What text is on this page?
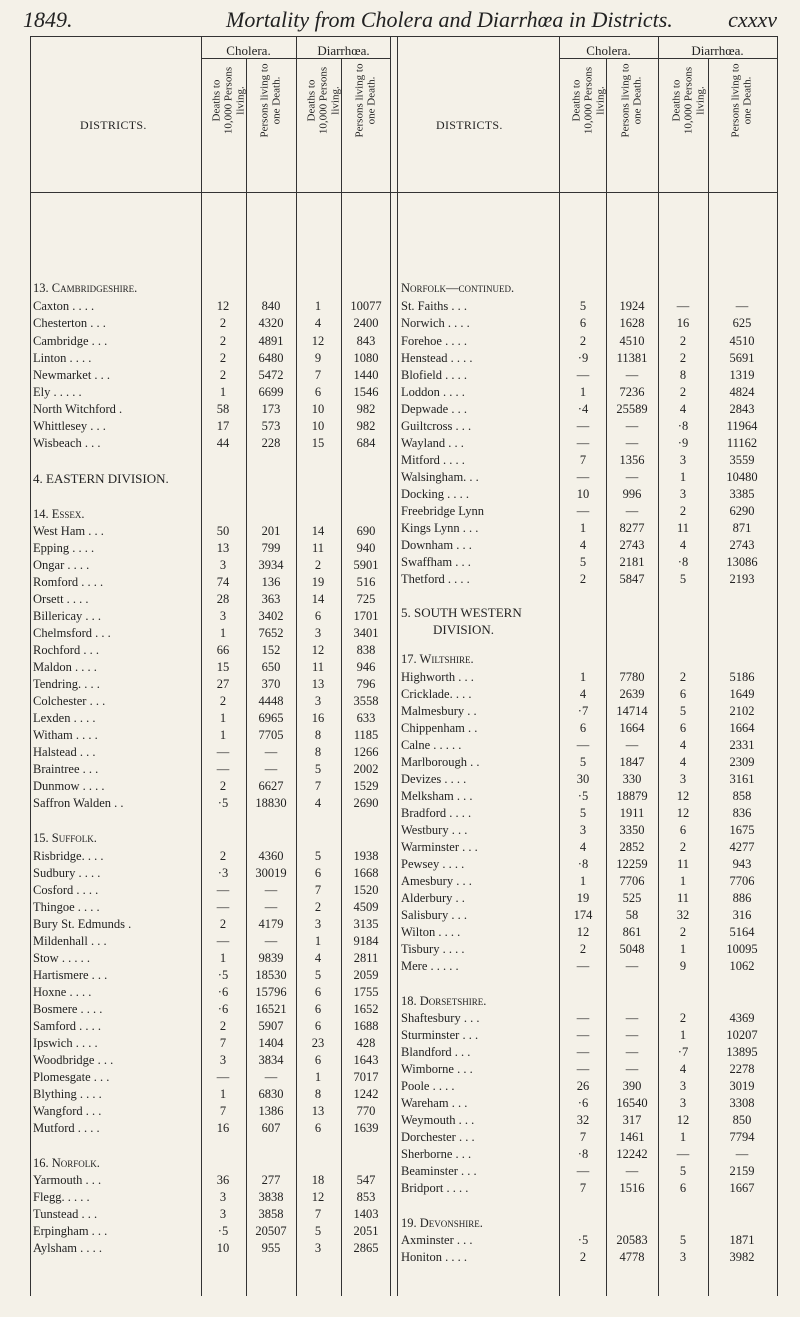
1849.	Mortality from Cholera and Diarrhœa in Districts.	cxxxv
Cholera.	Diarrhœa.	Cholera.	Diarrhœa.
DISTRICTS.	DISTRICTS.
Deaths to 10,000 Persons living. Persons living to one Death. Deaths to 10,000 Persons living. Persons living to one Death.	Deaths to 10,000 Persons living. Persons living to one Death. Deaths to 10,000 Persons living. Persons living to one Death.
13. Cambridgeshire.
Caxton . . . .	12	840	1	10077
Chesterton . . .	2	4320	4	2400
Cambridge . . .	2	4891	12	843
Linton . . . .	2	6480	9	1080
Newmarket . . .	2	5472	7	1440
Ely . . . . .	1	6699	6	1546
North Witchford .	58	173	10	982
Whittlesey . . .	17	573	10	982
Wisbeach . . .	44	228	15	684
4. EASTERN DIVISION.
14. Essex.
West Ham . . .	50	201	14	690
Epping . . . .	13	799	11	940
Ongar . . . .	3	3934	2	5901
Romford . . . .	74	136	19	516
Orsett . . . .	28	363	14	725
Billericay . . .	3	3402	6	1701
Chelmsford . . .	1	7652	3	3401
Rochford . . .	66	152	12	838
Maldon . . . .	15	650	11	946
Tendring. . . .	27	370	13	796
Colchester . . .	2	4448	3	3558
Lexden . . . .	1	6965	16	633
Witham . . . .	1	7705	8	1185
Halstead . . .	—	—	8	1266
Braintree . . .	—	—	5	2002
Dunmow . . . .	2	6627	7	1529
Saffron Walden . .	·5	18830	4	2690
15. Suffolk.
Risbridge. . . .	2	4360	5	1938
Sudbury . . . .	·3	30019	6	1668
Cosford . . . .	—	—	7	1520
Thingoe . . . .	—	—	2	4509
Bury St. Edmunds .	2	4179	3	3135
Mildenhall . . .	—	—	1	9184
Stow . . . . .	1	9839	4	2811
Hartismere . . .	·5	18530	5	2059
Hoxne . . . .	·6	15796	6	1755
Bosmere . . . .	·6	16521	6	1652
Samford . . . .	2	5907	6	1688
Ipswich . . . .	7	1404	23	428
Woodbridge . . .	3	3834	6	1643
Plomesgate . . .	—	—	1	7017
Blything . . . .	1	6830	8	1242
Wangford . . .	7	1386	13	770
Mutford . . . .	16	607	6	1639
16. Norfolk.
Yarmouth . . .	36	277	18	547
Flegg. . . . .	3	3838	12	853
Tunstead . . .	3	3858	7	1403
Erpingham . . .	·5	20507	5	2051
Aylsham . . . .	10	955	3	2865
Norfolk—continued.
St. Faiths . . .	5	1924	—	—
Norwich . . . .	6	1628	16	625
Forehoe . . . .	2	4510	2	4510
Henstead . . . .	·9	11381	2	5691
Blofield . . . .	—	—	8	1319
Loddon . . . .	1	7236	2	4824
Depwade . . .	·4	25589	4	2843
Guiltcross . . .	—	—	·8	11964
Wayland . . .	—	—	·9	11162
Mitford . . . .	7	1356	3	3559
Walsingham. . .	—	—	1	10480
Docking . . . .	10	996	3	3385
Freebridge Lynn	—	—	2	6290
Kings Lynn . . .	1	8277	11	871
Downham . . .	4	2743	4	2743
Swaffham . . .	5	2181	·8	13086
Thetford . . . .	2	5847	5	2193
5. SOUTH WESTERN
DIVISION.
17. Wiltshire.
Highworth . . .	1	7780	2	5186
Cricklade. . . .	4	2639	6	1649
Malmesbury . .	·7	14714	5	2102
Chippenham . .	6	1664	6	1664
Calne . . . . .	—	—	4	2331
Marlborough . .	5	1847	4	2309
Devizes . . . .	30	330	3	3161
Melksham . . .	·5	18879	12	858
Bradford . . . .	5	1911	12	836
Westbury . . .	3	3350	6	1675
Warminster . . .	4	2852	2	4277
Pewsey . . . .	·8	12259	11	943
Amesbury . . .	1	7706	1	7706
Alderbury . .	19	525	11	886
Salisbury . . .	174	58	32	316
Wilton . . . .	12	861	2	5164
Tisbury . . . .	2	5048	1	10095
Mere . . . . .	—	—	9	1062
18. Dorsetshire.
Shaftesbury . . .	—	—	2	4369
Sturminster . . .	—	—	1	10207
Blandford . . .	—	—	·7	13895
Wimborne . . .	—	—	4	2278
Poole . . . .	26	390	3	3019
Wareham . . .	·6	16540	3	3308
Weymouth . . .	32	317	12	850
Dorchester . . .	7	1461	1	7794
Sherborne . . .	·8	12242	—	—
Beaminster . . .	—	—	5	2159
Bridport . . . .	7	1516	6	1667
19. Devonshire.
Axminster . . .	·5	20583	5	1871
Honiton . . . .	2	4778	3	3982
